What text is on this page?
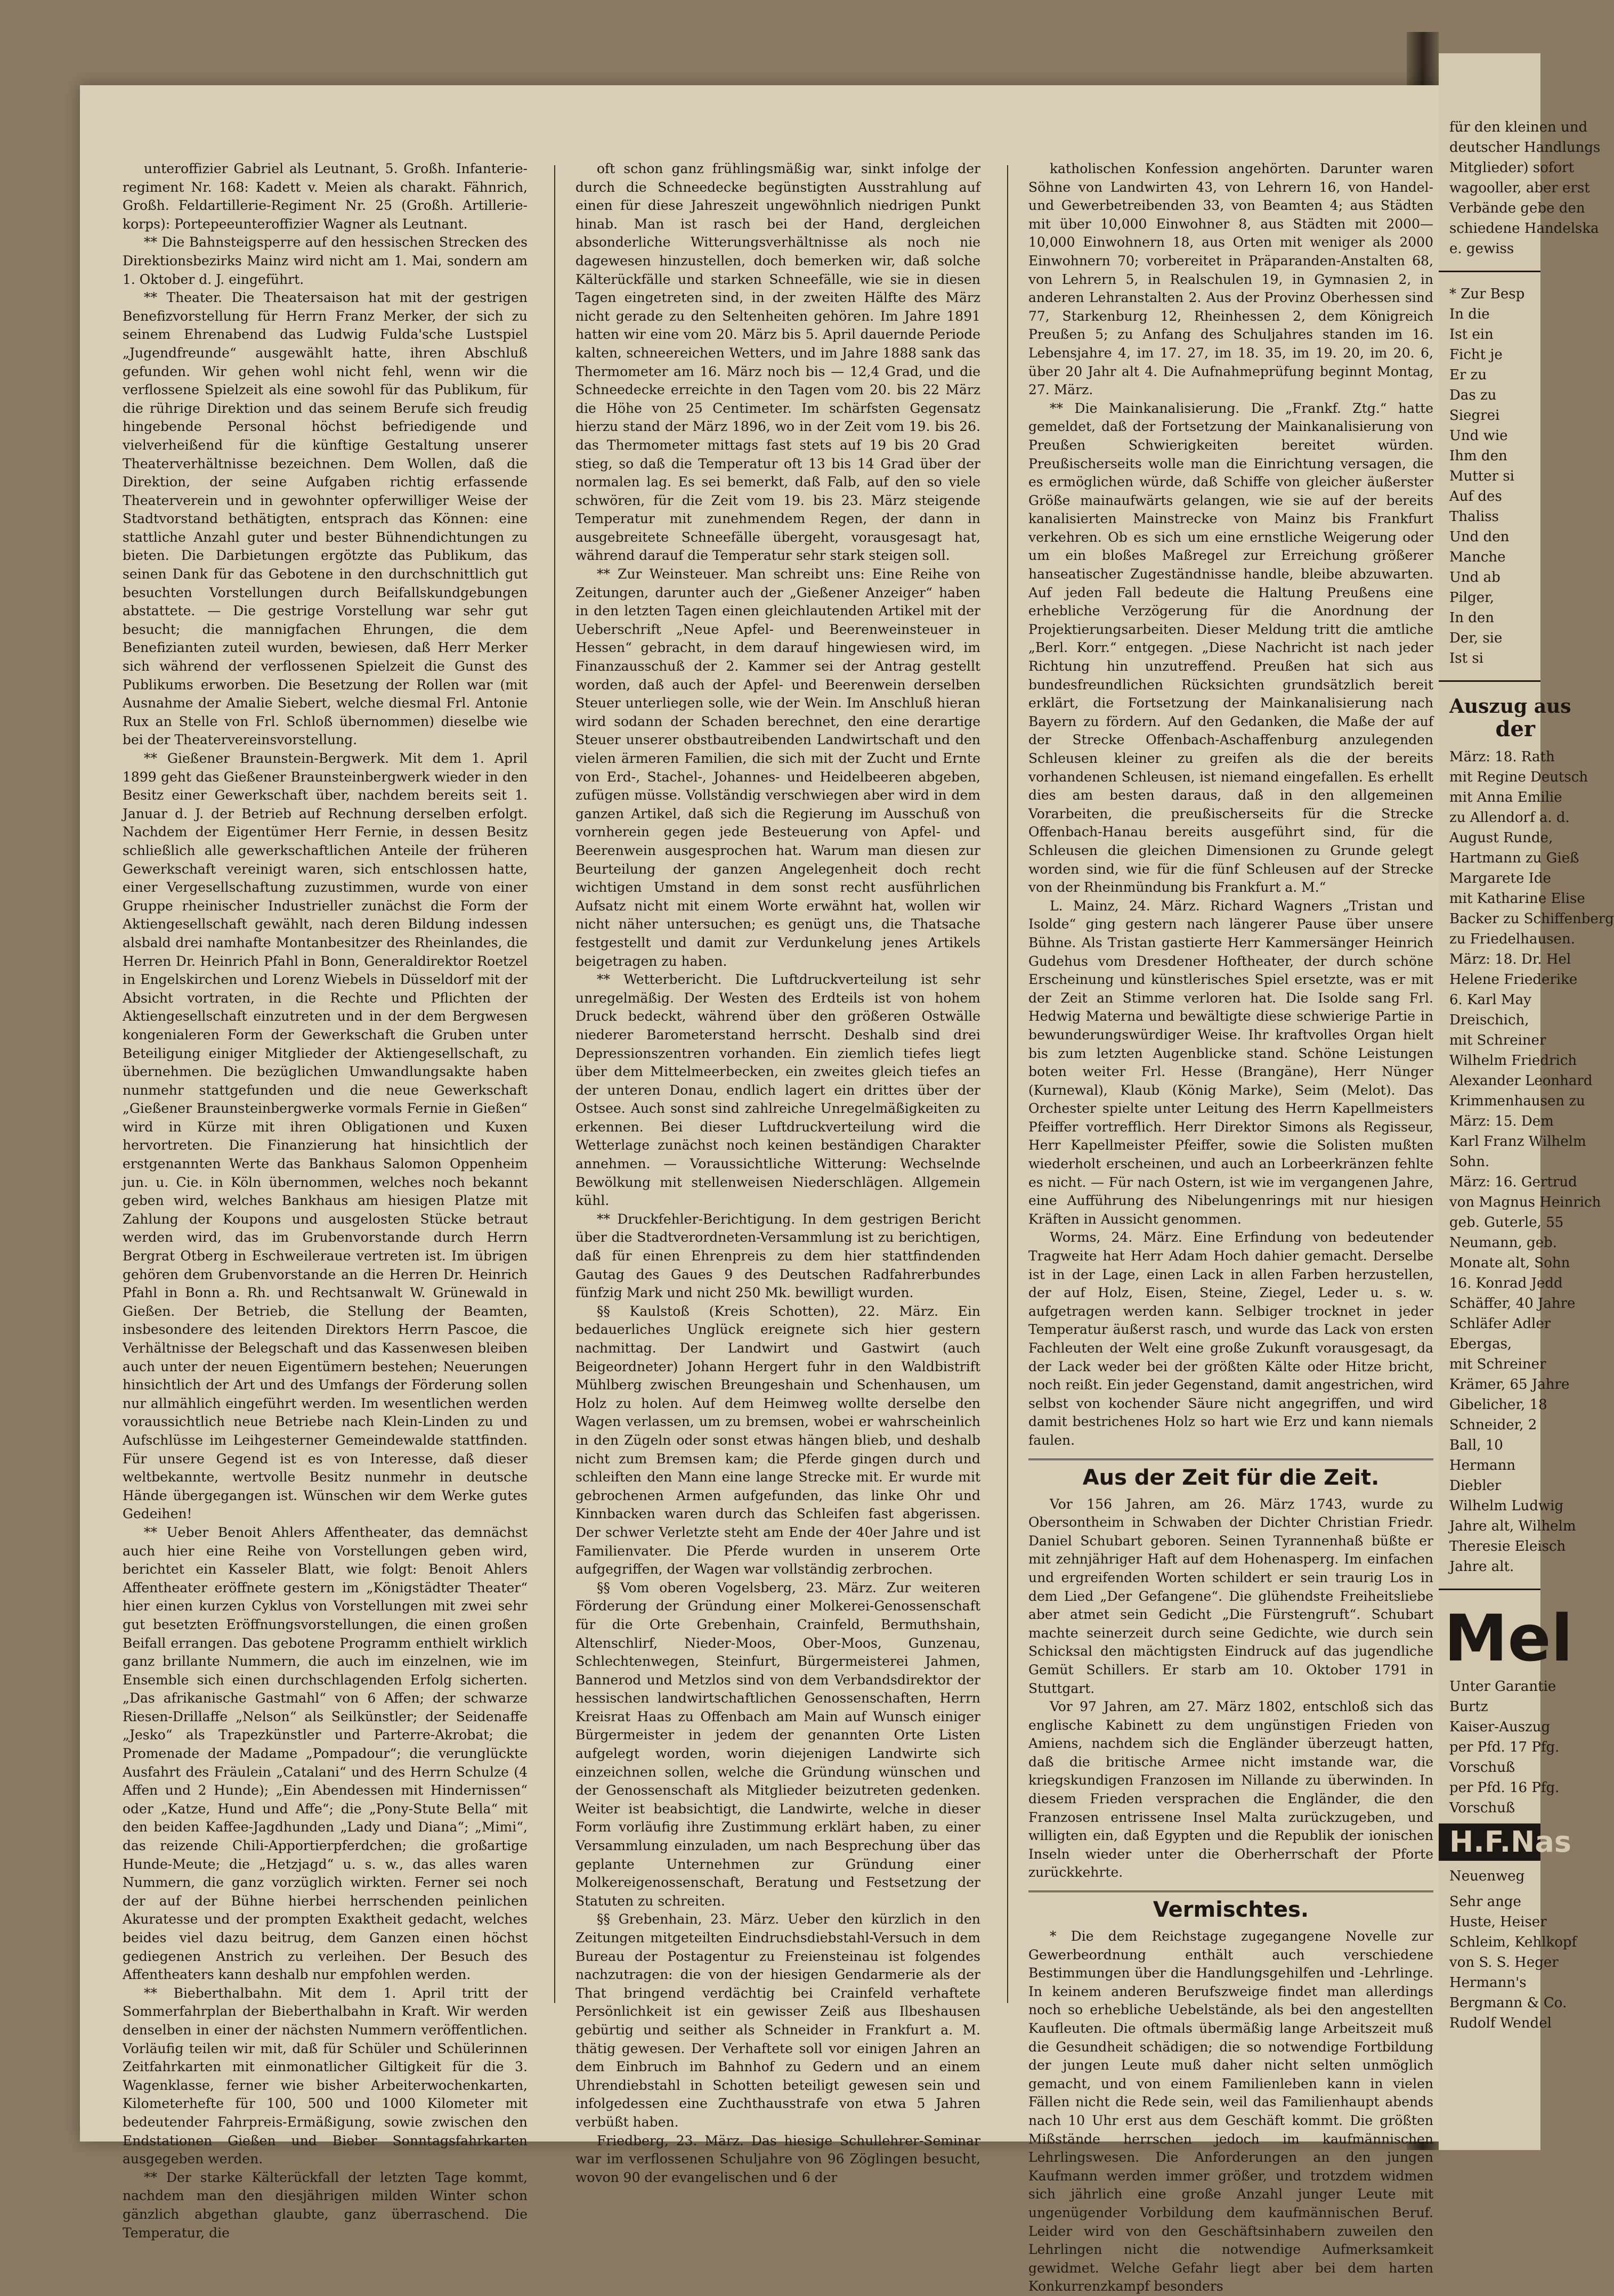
unteroffizier Gabriel als Leutnant, 5. Großh. Infanterie-regiment Nr. 168: Kadett v. Meien als charakt. Fähnrich, Großh. Feldartillerie-Regiment Nr. 25 (Großh. Artillerie-korps): Portepeeunteroffizier Wagner als Leutnant.

** Die Bahnsteigsperre auf den hessischen Strecken des Direktionsbezirks Mainz wird nicht am 1. Mai, sondern am 1. Oktober d. J. eingeführt.

** Theater. Die Theatersaison hat mit der gestrigen Benefizvorstellung für Herrn Franz Merker, der sich zu seinem Ehrenabend das Ludwig Fulda'sche Lustspiel „Jugendfreunde“ ausgewählt hatte, ihren Abschluß gefunden. Wir gehen wohl nicht fehl, wenn wir die verflossene Spielzeit als eine sowohl für das Publikum, für die rührige Direktion und das seinem Berufe sich freudig hingebende Personal höchst befriedigende und vielverheißend für die künftige Gestaltung unserer Theaterverhältnisse bezeichnen. Dem Wollen, daß die Direktion, der seine Aufgaben richtig erfassende Theaterverein und in gewohnter opferwilliger Weise der Stadtvorstand bethätigten, entsprach das Können: eine stattliche Anzahl guter und bester Bühnendichtungen zu bieten. Die Darbietungen ergötzte das Publikum, das seinen Dank für das Gebotene in den durchschnittlich gut besuchten Vorstellungen durch Beifallskundgebungen abstattete. — Die gestrige Vorstellung war sehr gut besucht; die mannigfachen Ehrungen, die dem Benefizianten zuteil wurden, bewiesen, daß Herr Merker sich während der verflossenen Spielzeit die Gunst des Publikums erworben. Die Besetzung der Rollen war (mit Ausnahme der Amalie Siebert, welche diesmal Frl. Antonie Rux an Stelle von Frl. Schloß übernommen) dieselbe wie bei der Theatervereinsvorstellung.

** Gießener Braunstein-Bergwerk. Mit dem 1. April 1899 geht das Gießener Braunsteinbergwerk wieder in den Besitz einer Gewerkschaft über, nachdem bereits seit 1. Januar d. J. der Betrieb auf Rechnung derselben erfolgt. Nachdem der Eigentümer Herr Fernie, in dessen Besitz schließlich alle gewerkschaftlichen Anteile der früheren Gewerkschaft vereinigt waren, sich entschlossen hatte, einer Vergesellschaftung zuzustimmen, wurde von einer Gruppe rheinischer Industrieller zunächst die Form der Aktiengesellschaft gewählt, nach deren Bildung indessen alsbald drei namhafte Montanbesitzer des Rheinlandes, die Herren Dr. Heinrich Pfahl in Bonn, Generaldirektor Roetzel in Engelskirchen und Lorenz Wiebels in Düsseldorf mit der Absicht vortraten, in die Rechte und Pflichten der Aktiengesellschaft einzutreten und in der dem Bergwesen kongenialeren Form der Gewerkschaft die Gruben unter Beteiligung einiger Mitglieder der Aktiengesellschaft, zu übernehmen. Die bezüglichen Umwandlungsakte haben nunmehr stattgefunden und die neue Gewerkschaft „Gießener Braunsteinbergwerke vormals Fernie in Gießen“ wird in Kürze mit ihren Obligationen und Kuxen hervortreten. Die Finanzierung hat hinsichtlich der erstgenannten Werte das Bankhaus Salomon Oppenheim jun. u. Cie. in Köln übernommen, welches noch bekannt geben wird, welches Bankhaus am hiesigen Platze mit Zahlung der Koupons und ausgelosten Stücke betraut werden wird, das im Grubenvorstande durch Herrn Bergrat Otberg in Eschweileraue vertreten ist. Im übrigen gehören dem Grubenvorstande an die Herren Dr. Heinrich Pfahl in Bonn a. Rh. und Rechtsanwalt W. Grünewald in Gießen. Der Betrieb, die Stellung der Beamten, insbesondere des leitenden Direktors Herrn Pascoe, die Verhältnisse der Belegschaft und das Kassenwesen bleiben auch unter der neuen Eigentümern bestehen; Neuerungen hinsichtlich der Art und des Umfangs der Förderung sollen nur allmählich eingeführt werden. Im wesentlichen werden voraussichtlich neue Betriebe nach Klein-Linden zu und Aufschlüsse im Leihgesterner Gemeindewalde stattfinden. Für unsere Gegend ist es von Interesse, daß dieser weltbekannte, wertvolle Besitz nunmehr in deutsche Hände übergegangen ist. Wünschen wir dem Werke gutes Gedeihen!

** Ueber Benoit Ahlers Affentheater, das demnächst auch hier eine Reihe von Vorstellungen geben wird, berichtet ein Kasseler Blatt, wie folgt: Benoit Ahlers Affentheater eröffnete gestern im „Königstädter Theater“ hier einen kurzen Cyklus von Vorstellungen mit zwei sehr gut besetzten Eröffnungsvorstellungen, die einen großen Beifall errangen. Das gebotene Programm enthielt wirklich ganz brillante Nummern, die auch im einzelnen, wie im Ensemble sich einen durchschlagenden Erfolg sicherten. „Das afrikanische Gastmahl“ von 6 Affen; der schwarze Riesen-Drillaffe „Nelson“ als Seilkünstler; der Seidenaffe „Jesko“ als Trapezkünstler und Parterre-Akrobat; die Promenade der Madame „Pompadour“; die verunglückte Ausfahrt des Fräulein „Catalani“ und des Herrn Schulze (4 Affen und 2 Hunde); „Ein Abendessen mit Hindernissen“ oder „Katze, Hund und Affe“; die „Pony-Stute Bella“ mit den beiden Kaffee-Jagdhunden „Lady und Diana“; „Mimi“, das reizende Chili-Apportierpferdchen; die großartige Hunde-Meute; die „Hetzjagd“ u. s. w., das alles waren Nummern, die ganz vorzüglich wirkten. Ferner sei noch der auf der Bühne hierbei herrschenden peinlichen Akuratesse und der prompten Exaktheit gedacht, welches beides viel dazu beitrug, dem Ganzen einen höchst gediegenen Anstrich zu verleihen. Der Besuch des Affentheaters kann deshalb nur empfohlen werden.

** Bieberthalbahn. Mit dem 1. April tritt der Sommerfahrplan der Bieberthalbahn in Kraft. Wir werden denselben in einer der nächsten Nummern veröffentlichen. Vorläufig teilen wir mit, daß für Schüler und Schülerinnen Zeitfahrkarten mit einmonatlicher Giltigkeit für die 3. Wagenklasse, ferner wie bisher Arbeiterwochenkarten, Kilometerhefte für 100, 500 und 1000 Kilometer mit bedeutender Fahrpreis-Ermäßigung, sowie zwischen den Endstationen Gießen und Bieber Sonntagsfahrkarten ausgegeben werden.

** Der starke Kälterückfall der letzten Tage kommt, nachdem man den diesjährigen milden Winter schon gänzlich abgethan glaubte, ganz überraschend. Die Temperatur, die

oft schon ganz frühlingsmäßig war, sinkt infolge der durch die Schneedecke begünstigten Ausstrahlung auf einen für diese Jahreszeit ungewöhnlich niedrigen Punkt hinab. Man ist rasch bei der Hand, dergleichen absonderliche Witterungsverhältnisse als noch nie dagewesen hinzustellen, doch bemerken wir, daß solche Kälterückfälle und starken Schneefälle, wie sie in diesen Tagen eingetreten sind, in der zweiten Hälfte des März nicht gerade zu den Seltenheiten gehören. Im Jahre 1891 hatten wir eine vom 20. März bis 5. April dauernde Periode kalten, schneereichen Wetters, und im Jahre 1888 sank das Thermometer am 16. März noch bis — 12,4 Grad, und die Schneedecke erreichte in den Tagen vom 20. bis 22 März die Höhe von 25 Centimeter. Im schärfsten Gegensatz hierzu stand der März 1896, wo in der Zeit vom 19. bis 26. das Thermometer mittags fast stets auf 19 bis 20 Grad stieg, so daß die Temperatur oft 13 bis 14 Grad über der normalen lag. Es sei bemerkt, daß Falb, auf den so viele schwören, für die Zeit vom 19. bis 23. März steigende Temperatur mit zunehmendem Regen, der dann in ausgebreitete Schneefälle übergeht, vorausgesagt hat, während darauf die Temperatur sehr stark steigen soll.

** Zur Weinsteuer. Man schreibt uns: Eine Reihe von Zeitungen, darunter auch der „Gießener Anzeiger“ haben in den letzten Tagen einen gleichlautenden Artikel mit der Ueberschrift „Neue Apfel- und Beerenweinsteuer in Hessen“ gebracht, in dem darauf hingewiesen wird, im Finanzausschuß der 2. Kammer sei der Antrag gestellt worden, daß auch der Apfel- und Beerenwein derselben Steuer unterliegen solle, wie der Wein. Im Anschluß hieran wird sodann der Schaden berechnet, den eine derartige Steuer unserer obstbautreibenden Landwirtschaft und den vielen ärmeren Familien, die sich mit der Zucht und Ernte von Erd-, Stachel-, Johannes- und Heidelbeeren abgeben, zufügen müsse. Vollständig verschwiegen aber wird in dem ganzen Artikel, daß sich die Regierung im Ausschuß von vornherein gegen jede Besteuerung von Apfel- und Beerenwein ausgesprochen hat. Warum man diesen zur Beurteilung der ganzen Angelegenheit doch recht wichtigen Umstand in dem sonst recht ausführlichen Aufsatz nicht mit einem Worte erwähnt hat, wollen wir nicht näher untersuchen; es genügt uns, die Thatsache festgestellt und damit zur Verdunkelung jenes Artikels beigetragen zu haben.

** Wetterbericht. Die Luftdruckverteilung ist sehr unregelmäßig. Der Westen des Erdteils ist von hohem Druck bedeckt, während über den größeren Ostwälle niederer Barometerstand herrscht. Deshalb sind drei Depressionszentren vorhanden. Ein ziemlich tiefes liegt über dem Mittelmeerbecken, ein zweites gleich tiefes an der unteren Donau, endlich lagert ein drittes über der Ostsee. Auch sonst sind zahlreiche Unregelmäßigkeiten zu erkennen. Bei dieser Luftdruckverteilung wird die Wetterlage zunächst noch keinen beständigen Charakter annehmen. — Voraussichtliche Witterung: Wechselnde Bewölkung mit stellenweisen Niederschlägen. Allgemein kühl.

** Druckfehler-Berichtigung. In dem gestrigen Bericht über die Stadtverordneten-Versammlung ist zu berichtigen, daß für einen Ehrenpreis zu dem hier stattfindenden Gautag des Gaues 9 des Deutschen Radfahrerbundes fünfzig Mark und nicht 250 Mk. bewilligt wurden.

§§ Kaulstoß (Kreis Schotten), 22. März. Ein bedauerliches Unglück ereignete sich hier gestern nachmittag. Der Landwirt und Gastwirt (auch Beigeordneter) Johann Hergert fuhr in den Waldbistrift Mühlberg zwischen Breungeshain und Schenhausen, um Holz zu holen. Auf dem Heimweg wollte derselbe den Wagen verlassen, um zu bremsen, wobei er wahrscheinlich in den Zügeln oder sonst etwas hängen blieb, und deshalb nicht zum Bremsen kam; die Pferde gingen durch und schleiften den Mann eine lange Strecke mit. Er wurde mit gebrochenen Armen aufgefunden, das linke Ohr und Kinnbacken waren durch das Schleifen fast abgerissen. Der schwer Verletzte steht am Ende der 40er Jahre und ist Familienvater. Die Pferde wurden in unserem Orte aufgegriffen, der Wagen war vollständig zerbrochen.

§§ Vom oberen Vogelsberg, 23. März. Zur weiteren Förderung der Gründung einer Molkerei-Genossenschaft für die Orte Grebenhain, Crainfeld, Bermuthshain, Altenschlirf, Nieder-Moos, Ober-Moos, Gunzenau, Schlechtenwegen, Steinfurt, Bürgermeisterei Jahmen, Bannerod und Metzlos sind von dem Verbandsdirektor der hessischen landwirtschaftlichen Genossenschaften, Herrn Kreisrat Haas zu Offenbach am Main auf Wunsch einiger Bürgermeister in jedem der genannten Orte Listen aufgelegt worden, worin diejenigen Landwirte sich einzeichnen sollen, welche die Gründung wünschen und der Genossenschaft als Mitglieder beizutreten gedenken. Weiter ist beabsichtigt, die Landwirte, welche in dieser Form vorläufig ihre Zustimmung erklärt haben, zu einer Versammlung einzuladen, um nach Besprechung über das geplante Unternehmen zur Gründung einer Molkereigenossenschaft, Beratung und Festsetzung der Statuten zu schreiten.

§§ Grebenhain, 23. März. Ueber den kürzlich in den Zeitungen mitgeteilten Eindruchsdiebstahl-Versuch in dem Bureau der Postagentur zu Freiensteinau ist folgendes nachzutragen: die von der hiesigen Gendarmerie als der That bringend verdächtig bei Crainfeld verhaftete Persönlichkeit ist ein gewisser Zeiß aus Ilbeshausen gebürtig und seither als Schneider in Frankfurt a. M. thätig gewesen. Der Verhaftete soll vor einigen Jahren an dem Einbruch im Bahnhof zu Gedern und an einem Uhrendiebstahl in Schotten beteiligt gewesen sein und infolgedessen eine Zuchthausstrafe von etwa 5 Jahren verbüßt haben.

Friedberg, 23. März. Das hiesige Schullehrer-Seminar war im verflossenen Schuljahre von 96 Zöglingen besucht, wovon 90 der evangelischen und 6 der

katholischen Konfession angehörten. Darunter waren Söhne von Landwirten 43, von Lehrern 16, von Handel- und Gewerbetreibenden 33, von Beamten 4; aus Städten mit über 10,000 Einwohner 8, aus Städten mit 2000—10,000 Einwohnern 18, aus Orten mit weniger als 2000 Einwohnern 70; vorbereitet in Präparanden-Anstalten 68, von Lehrern 5, in Realschulen 19, in Gymnasien 2, in anderen Lehranstalten 2. Aus der Provinz Oberhessen sind 77, Starkenburg 12, Rheinhessen 2, dem Königreich Preußen 5; zu Anfang des Schuljahres standen im 16. Lebensjahre 4, im 17. 27, im 18. 35, im 19. 20, im 20. 6, über 20 Jahr alt 4. Die Aufnahmeprüfung beginnt Montag, 27. März.

** Die Mainkanalisierung. Die „Frankf. Ztg.“ hatte gemeldet, daß der Fortsetzung der Mainkanalisierung von Preußen Schwierigkeiten bereitet würden. Preußischerseits wolle man die Einrichtung versagen, die es ermöglichen würde, daß Schiffe von gleicher äußerster Größe mainaufwärts gelangen, wie sie auf der bereits kanalisierten Mainstrecke von Mainz bis Frankfurt verkehren. Ob es sich um eine ernstliche Weigerung oder um ein bloßes Maßregel zur Erreichung größerer hanseatischer Zugeständnisse handle, bleibe abzuwarten. Auf jeden Fall bedeute die Haltung Preußens eine erhebliche Verzögerung für die Anordnung der Projektierungsarbeiten. Dieser Meldung tritt die amtliche „Berl. Korr.“ entgegen. „Diese Nachricht ist nach jeder Richtung hin unzutreffend. Preußen hat sich aus bundesfreundlichen Rücksichten grundsätzlich bereit erklärt, die Fortsetzung der Mainkanalisierung nach Bayern zu fördern. Auf den Gedanken, die Maße der auf der Strecke Offenbach-Aschaffenburg anzulegenden Schleusen kleiner zu greifen als die der bereits vorhandenen Schleusen, ist niemand eingefallen. Es erhellt dies am besten daraus, daß in den allgemeinen Vorarbeiten, die preußischerseits für die Strecke Offenbach-Hanau bereits ausgeführt sind, für die Schleusen die gleichen Dimensionen zu Grunde gelegt worden sind, wie für die fünf Schleusen auf der Strecke von der Rheinmündung bis Frankfurt a. M.“

L. Mainz, 24. März. Richard Wagners „Tristan und Isolde“ ging gestern nach längerer Pause über unsere Bühne. Als Tristan gastierte Herr Kammersänger Heinrich Gudehus vom Dresdener Hoftheater, der durch schöne Erscheinung und künstlerisches Spiel ersetzte, was er mit der Zeit an Stimme verloren hat. Die Isolde sang Frl. Hedwig Materna und bewältigte diese schwierige Partie in bewunderungswürdiger Weise. Ihr kraftvolles Organ hielt bis zum letzten Augenblicke stand. Schöne Leistungen boten weiter Frl. Hesse (Brangäne), Herr Nünger (Kurnewal), Klaub (König Marke), Seim (Melot). Das Orchester spielte unter Leitung des Herrn Kapellmeisters Pfeiffer vortrefflich. Herr Direktor Simons als Regisseur, Herr Kapellmeister Pfeiffer, sowie die Solisten mußten wiederholt erscheinen, und auch an Lorbeerkränzen fehlte es nicht. — Für nach Ostern, ist wie im vergangenen Jahre, eine Aufführung des Nibelungenrings mit nur hiesigen Kräften in Aussicht genommen.

Worms, 24. März. Eine Erfindung von bedeutender Tragweite hat Herr Adam Hoch dahier gemacht. Derselbe ist in der Lage, einen Lack in allen Farben herzustellen, der auf Holz, Eisen, Steine, Ziegel, Leder u. s. w. aufgetragen werden kann. Selbiger trocknet in jeder Temperatur äußerst rasch, und wurde das Lack von ersten Fachleuten der Welt eine große Zukunft vorausgesagt, da der Lack weder bei der größten Kälte oder Hitze bricht, noch reißt. Ein jeder Gegenstand, damit angestrichen, wird selbst von kochender Säure nicht angegriffen, und wird damit bestrichenes Holz so hart wie Erz und kann niemals faulen.

Aus der Zeit für die Zeit.

Vor 156 Jahren, am 26. März 1743, wurde zu Obersontheim in Schwaben der Dichter Christian Friedr. Daniel Schubart geboren. Seinen Tyrannenhaß büßte er mit zehnjähriger Haft auf dem Hohenasperg. Im einfachen und ergreifenden Worten schildert er sein traurig Los in dem Lied „Der Gefangene“. Die glühendste Freiheitsliebe aber atmet sein Gedicht „Die Fürstengruft“. Schubart machte seinerzeit durch seine Gedichte, wie durch sein Schicksal den mächtigsten Eindruck auf das jugendliche Gemüt Schillers. Er starb am 10. Oktober 1791 in Stuttgart.

Vor 97 Jahren, am 27. März 1802, entschloß sich das englische Kabinett zu dem ungünstigen Frieden von Amiens, nachdem sich die Engländer überzeugt hatten, daß die britische Armee nicht imstande war, die kriegskundigen Franzosen im Nillande zu überwinden. In diesem Frieden versprachen die Engländer, die den Franzosen entrissene Insel Malta zurückzugeben, und willigten ein, daß Egypten und die Republik der ionischen Inseln wieder unter die Oberherrschaft der Pforte zurückkehrte.

Vermischtes.

* Die dem Reichstage zugegangene Novelle zur Gewerbeordnung enthält auch verschiedene Bestimmungen über die Handlungsgehilfen und -Lehrlinge. In keinem anderen Berufszweige findet man allerdings noch so erhebliche Uebelstände, als bei den angestellten Kaufleuten. Die oftmals übermäßig lange Arbeitszeit muß die Gesundheit schädigen; die so notwendige Fortbildung der jungen Leute muß daher nicht selten unmöglich gemacht, und von einem Familienleben kann in vielen Fällen nicht die Rede sein, weil das Familienhaupt abends nach 10 Uhr erst aus dem Geschäft kommt. Die größten Mißstände herrschen jedoch im kaufmännischen Lehrlingswesen. Die Anforderungen an den jungen Kaufmann werden immer größer, und trotzdem widmen sich jährlich eine große Anzahl junger Leute mit ungenügender Vorbildung dem kaufmännischen Beruf. Leider wird von den Geschäftsinhabern zuweilen den Lehrlingen nicht die notwendige Aufmerksamkeit gewidmet. Welche Gefahr liegt aber bei dem harten Konkurrenzkampf besonders

für den kleinen und
deutscher Handlungs
Mitglieder) sofort
wagooller, aber erst
Verbände gebe den
schiedene Handelska
e. gewiss
* Zur Besp
In die
Ist ein
Ficht je
Er zu
Das zu
Siegrei
Und wie
Ihm den
Mutter si
Auf des
Thaliss
Und den
Manche
Und ab
Pilger,
In den
Der, sie
Ist si
Auszug aus
der
März: 18. Rath
mit Regine Deutsch
mit Anna Emilie
zu Allendorf a. d.
August Runde,
Hartmann zu Gieß
Margarete Ide
mit Katharine Elise
Backer zu Schiffenberg
zu Friedelhausen.
März: 18. Dr. Hel
Helene Friederike
6. Karl May
Dreischich,
mit Schreiner
Wilhelm Friedrich
Alexander Leonhard
Krimmenhausen zu
März: 15. Dem
Karl Franz Wilhelm
Sohn.
März: 16. Gertrud
von Magnus Heinrich
geb. Guterle, 55
Neumann, geb.
Monate alt, Sohn
16. Konrad Jedd
Schäffer, 40 Jahre
Schläfer Adler
Ebergas,
mit Schreiner
Krämer, 65 Jahre
Gibelicher, 18
Schneider, 2
Ball, 10
Hermann
Diebler
Wilhelm Ludwig
Jahre alt, Wilhelm
Theresie Eleisch
Jahre alt.
Mel
Unter Garantie
Burtz
Kaiser-Auszug
per Pfd. 17 Pfg.
Vorschuß
per Pfd. 16 Pfg.
Vorschuß
H.F.Nas
Neuenweg
Sehr ange
Huste, Heiser
Schleim, Kehlkopf
von S. S. Heger
Hermann's
Bergmann & Co.
Rudolf Wendel
